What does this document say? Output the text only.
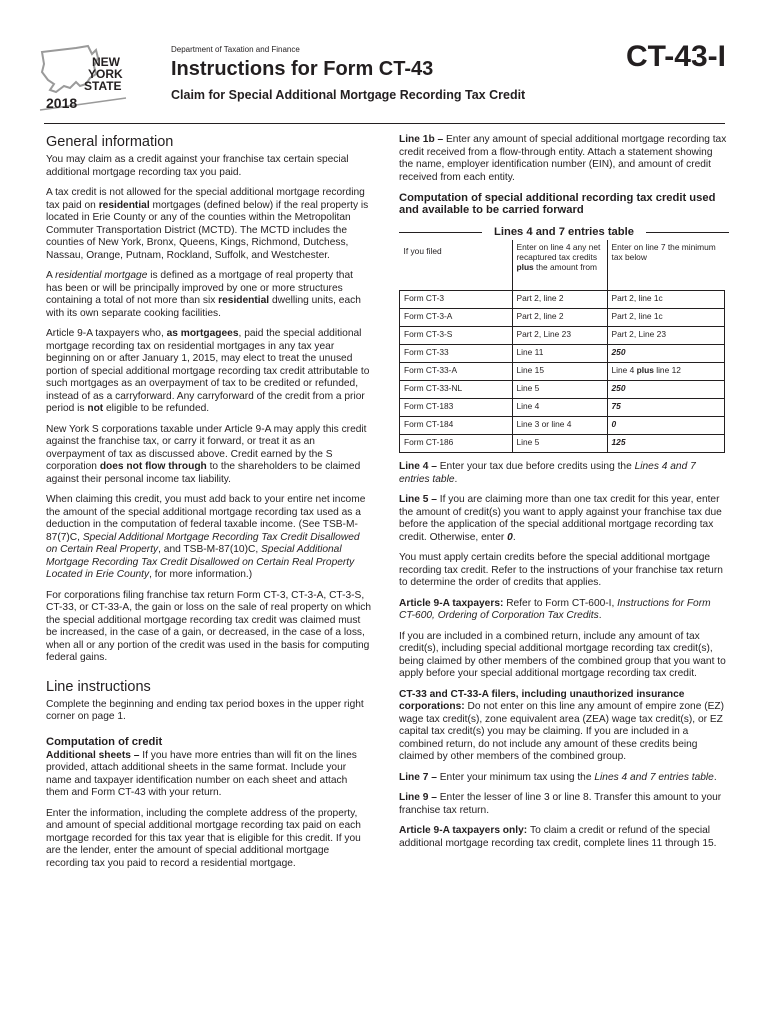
NEW
YORK
STATE
2018
Department of Taxation and Finance
Instructions for Form CT-43
Claim for Special Additional Mortgage Recording Tax Credit
CT-43-I
General information

You may claim as a credit against your franchise tax certain special additional mortgage recording tax you paid.

A tax credit is not allowed for the special additional mortgage recording tax paid on residential mortgages (defined below) if the real property is located in Erie County or any of the counties within the Metropolitan Commuter Transportation District (MCTD). The MCTD includes the counties of New York, Bronx, Queens, Kings, Richmond, Dutchess, Nassau, Orange, Putnam, Rockland, Suffolk, and Westchester.

A residential mortgage is defined as a mortgage of real property that has been or will be principally improved by one or more structures containing a total of not more than six residential dwelling units, each with its own separate cooking facilities.

Article 9-A taxpayers who, as mortgagees, paid the special additional mortgage recording tax on residential mortgages in any tax year beginning on or after January 1, 2015, may elect to treat the unused portion of special additional mortgage recording tax credit attributable to such mortgages as an overpayment of tax to be credited or refunded, instead of as a carryforward. Any carryforward of the credit from a prior period is not eligible to be refunded.

New York S corporations taxable under Article 9-A may apply this credit against the franchise tax, or carry it forward, or treat it as an overpayment of tax as discussed above. Credit earned by the S corporation does not flow through to the shareholders to be claimed against their personal income tax liability.

When claiming this credit, you must add back to your entire net income the amount of the special additional mortgage recording tax used as a deduction in the computation of federal taxable income. (See TSB-M-87(7)C, Special Additional Mortgage Recording Tax Credit Disallowed on Certain Real Property, and TSB-M-87(10)C, Special Additional Mortgage Recording Tax Credit Disallowed on Certain Real Property Located in Erie County, for more information.)

For corporations filing franchise tax return Form CT-3, CT-3-A, CT-3-S, CT-33, or CT-33-A, the gain or loss on the sale of real property on which the special additional mortgage recording tax credit was claimed must be increased, in the case of a gain, or decreased, in the case of a loss, when all or any portion of the credit was used in the basis for computing federal gains.

Line instructions

Complete the beginning and ending tax period boxes in the upper right corner on page 1.

Computation of credit

Additional sheets – If you have more entries than will fit on the lines provided, attach additional sheets in the same format. Include your name and taxpayer identification number on each sheet and attach them and Form CT-43 with your return.

Enter the information, including the complete address of the property, and amount of special additional mortgage recording tax paid on each mortgage recorded for this tax year that is eligible for this credit. If you are the lender, enter the amount of special additional mortgage recording tax you paid to record a residential mortgage.

Line 1b – Enter any amount of special additional mortgage recording tax credit received from a flow-through entity. Attach a statement showing the name, employer identification number (EIN), and amount of credit received from each entity.

Computation of special additional recording tax credit used and available to be carried forward
Lines 4 and 7 entries table
If you filed	Enter on line 4 any net recaptured tax credits plus the amount from	Enter on line 7 the minimum tax below
Form CT-3	Part 2, line 2	Part 2, line 1c
Form CT-3-A	Part 2, line 2	Part 2, line 1c
Form CT-3-S	Part 2, Line 23	Part 2, Line 23
Form CT-33	Line 11	250
Form CT-33-A	Line 15	Line 4 plus line 12
Form CT-33-NL	Line 5	250
Form CT-183	Line 4	75
Form CT-184	Line 3 or line 4	0
Form CT-186	Line 5	125

Line 4 – Enter your tax due before credits using the Lines 4 and 7 entries table.

Line 5 – If you are claiming more than one tax credit for this year, enter the amount of credit(s) you want to apply against your franchise tax due before the application of the special additional mortgage recording tax credit. Otherwise, enter 0.

You must apply certain credits before the special additional mortgage recording tax credit. Refer to the instructions of your franchise tax return to determine the order of credits that applies.

Article 9-A taxpayers: Refer to Form CT-600-I, Instructions for Form CT-600, Ordering of Corporation Tax Credits.

If you are included in a combined return, include any amount of tax credit(s), including special additional mortgage recording tax credit(s), being claimed by other members of the combined group that you want to apply before your special additional mortgage recording tax credit.

CT-33 and CT-33-A filers, including unauthorized insurance corporations: Do not enter on this line any amount of empire zone (EZ) wage tax credit(s), zone equivalent area (ZEA) wage tax credit(s), or EZ capital tax credit(s) you may be claiming. If you are included in a combined return, do not include any amount of these credits being claimed by other members of the combined group.

Line 7 – Enter your minimum tax using the Lines 4 and 7 entries table.

Line 9 – Enter the lesser of line 3 or line 8. Transfer this amount to your franchise tax return.

Article 9-A taxpayers only: To claim a credit or refund of the special additional mortgage recording tax credit, complete lines 11 through 15.
